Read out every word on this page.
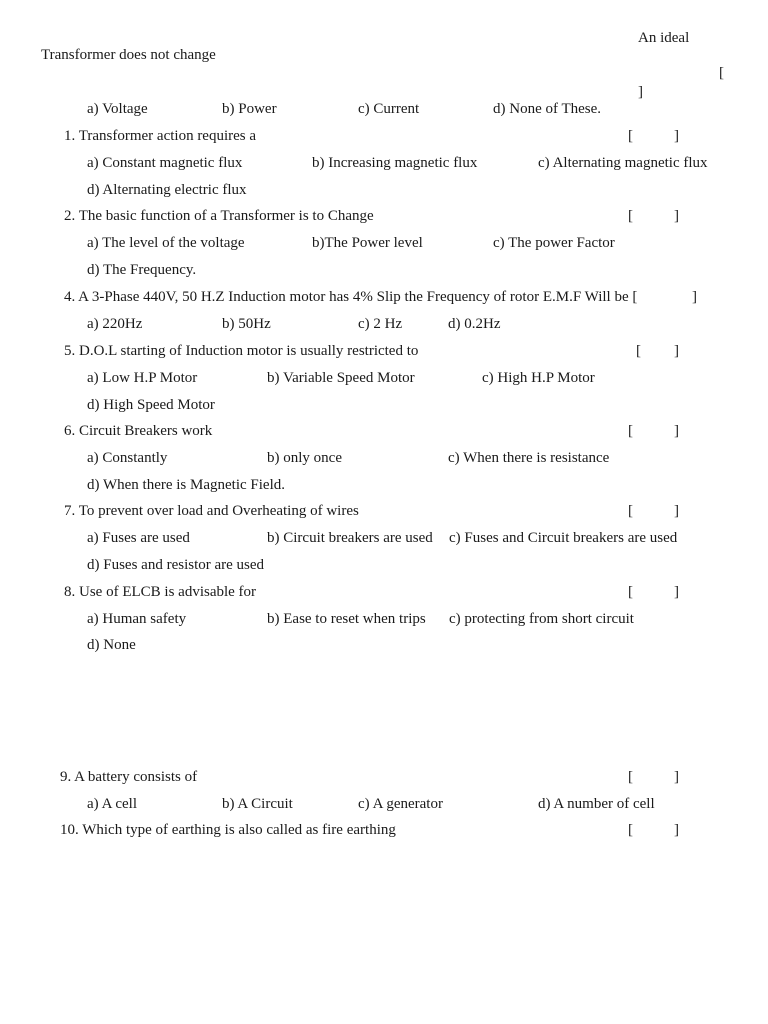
An ideal
Transformer does not change
[
]
a) Voltage	b) Power	c) Current	d) None of These.
1. Transformer action requires a	[	]
a) Constant magnetic flux	b) Increasing magnetic flux	c) Alternating magnetic flux
d) Alternating electric flux
2. The basic function of a Transformer is to Change	[	]
a) The level of the voltage	b)The Power level	c) The power Factor
d) The Frequency.
4. A 3-Phase 440V, 50 H.Z Induction motor has 4% Slip the Frequency of rotor E.M.F Will be [	]
a) 220Hz	b) 50Hz	c) 2 Hz	d) 0.2Hz
5. D.O.L starting of Induction motor is usually restricted to	[ ]
a) Low H.P Motor	b) Variable Speed Motor	c) High H.P Motor
d) High Speed Motor
6. Circuit Breakers work	[	]
a) Constantly	b) only once	c) When there is resistance
d) When there is Magnetic Field.
7. To prevent over load and Overheating of wires	[	]
a) Fuses are used	b) Circuit breakers are used c) Fuses and Circuit breakers are used
d) Fuses and resistor are used
8. Use of ELCB is advisable for	[	]
a) Human safety	b) Ease to reset when trips c) protecting from short circuit
d) None
9. A battery consists of	[	]
a) A cell	b) A Circuit	c) A generator	d) A number of cell
10. Which type of earthing is also called as fire earthing	[	]
